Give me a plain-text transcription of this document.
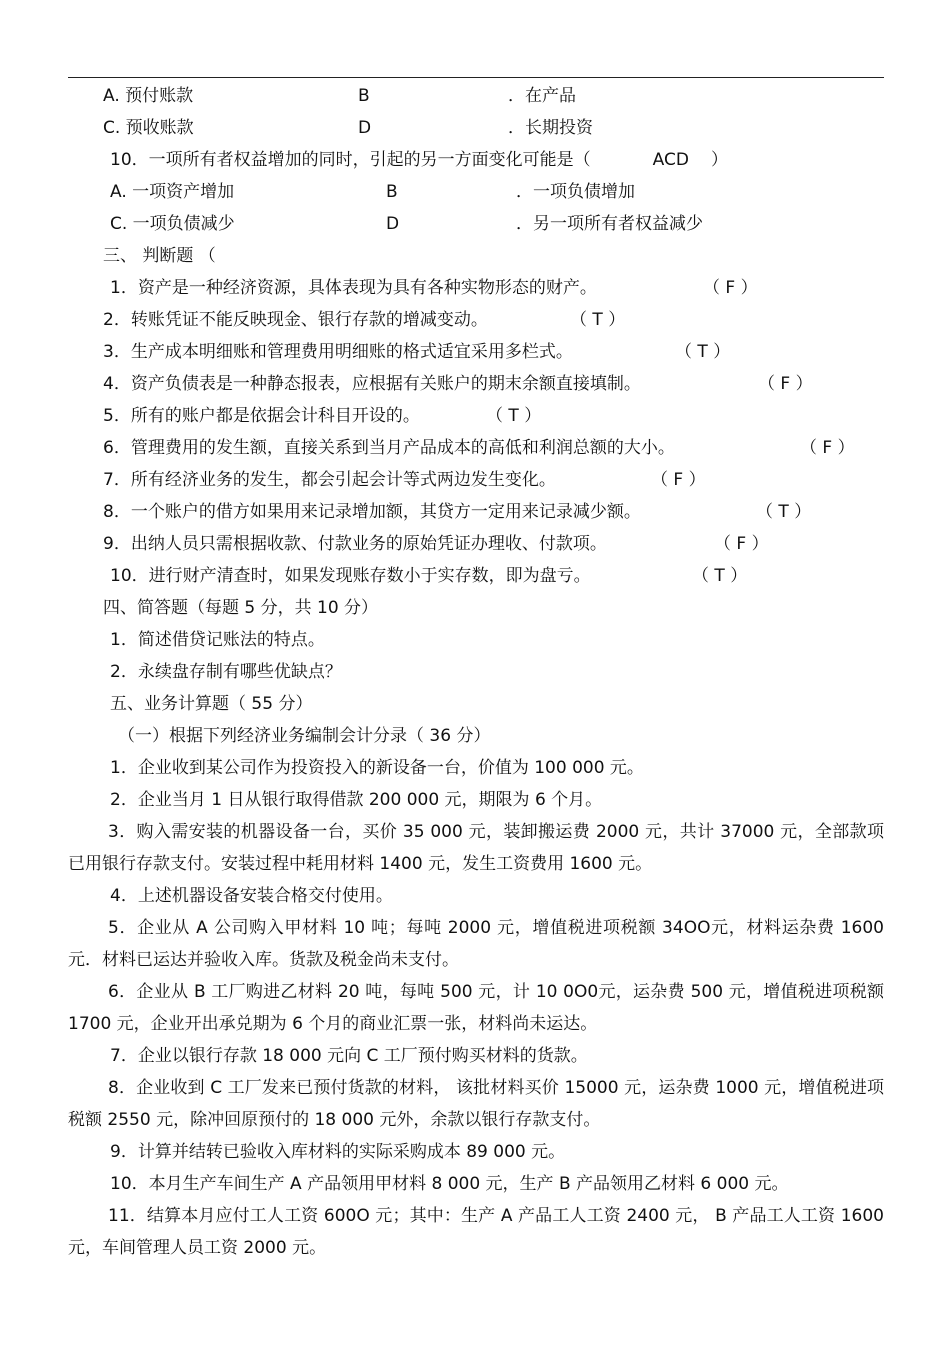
A. 预付账款	B	．在产品
C. 预收账款	D	．长期投资
10．一项所有者权益增加的同时，引起的另一方面变化可能是（	ACD ）
A. 一项资产增加	B	．一项负债增加
C. 一项负债减少	D	．另一项所有者权益减少
三、 判断题 （
1．资产是一种经济资源，具体表现为具有各种实物形态的财产。	（ F ）
2．转账凭证不能反映现金、银行存款的增减变动。	（ T ）
3．生产成本明细账和管理费用明细账的格式适宜采用多栏式。	（ T ）
4．资产负债表是一种静态报表，应根据有关账户的期末余额直接填制。	（ F ）
5．所有的账户都是依据会计科目开设的。	（ T ）
6．管理费用的发生额，直接关系到当月产品成本的高低和利润总额的大小。	（ F ）
7．所有经济业务的发生，都会引起会计等式两边发生变化。	（ F ）
8．一个账户的借方如果用来记录增加额，其贷方一定用来记录减少额。	（ T ）
9．出纳人员只需根据收款、付款业务的原始凭证办理收、付款项。	（ F ）
10．进行财产清查时，如果发现账存数小于实存数，即为盘亏。	（ T ）
四、简答题（每题 5 分，共 10 分）
1．简述借贷记账法的特点。
2．永续盘存制有哪些优缺点？
五、业务计算题（ 55 分）
（一）根据下列经济业务编制会计分录（ 36 分）
1．企业收到某公司作为投资投入的新设备一台，价值为 100 000 元。
2．企业当月 1 日从银行取得借款 200 000 元，期限为 6 个月。
3．购入需安装的机器设备一台，买价 35 000 元，装卸搬运费 2000 元，共计 37000 元，全部款项已用银行存款支付。安装过程中耗用材料 1400 元，发生工资费用 1600 元。
4．上述机器设备安装合格交付使用。
5．企业从 A 公司购入甲材料 10 吨；每吨 2000 元，增值税进项税额 34OO元，材料运杂费 1600 元．材料已运达并验收入库。货款及税金尚未支付。
6．企业从 B 工厂购进乙材料 20 吨，每吨 500 元，计 10 0O0元，运杂费 500 元，增值税进项税额 1700 元，企业开出承兑期为 6 个月的商业汇票一张，材料尚未运达。
7．企业以银行存款 18 000 元向 C 工厂预付购买材料的货款。
8．企业收到 C 工厂发来已预付货款的材料， 该批材料买价 15000 元，运杂费 1000 元，增值税进项税额 2550 元，除冲回原预付的 18 000 元外，余款以银行存款支付。
9．计算并结转已验收入库材料的实际采购成本 89 000 元。
10．本月生产车间生产 A 产品领用甲材料 8 000 元，生产 B 产品领用乙材料 6 000 元。
11．结算本月应付工人工资 600O 元；其中：生产 A 产品工人工资 2400 元， B 产品工人工资 1600 元，车间管理人员工资 2000 元。
